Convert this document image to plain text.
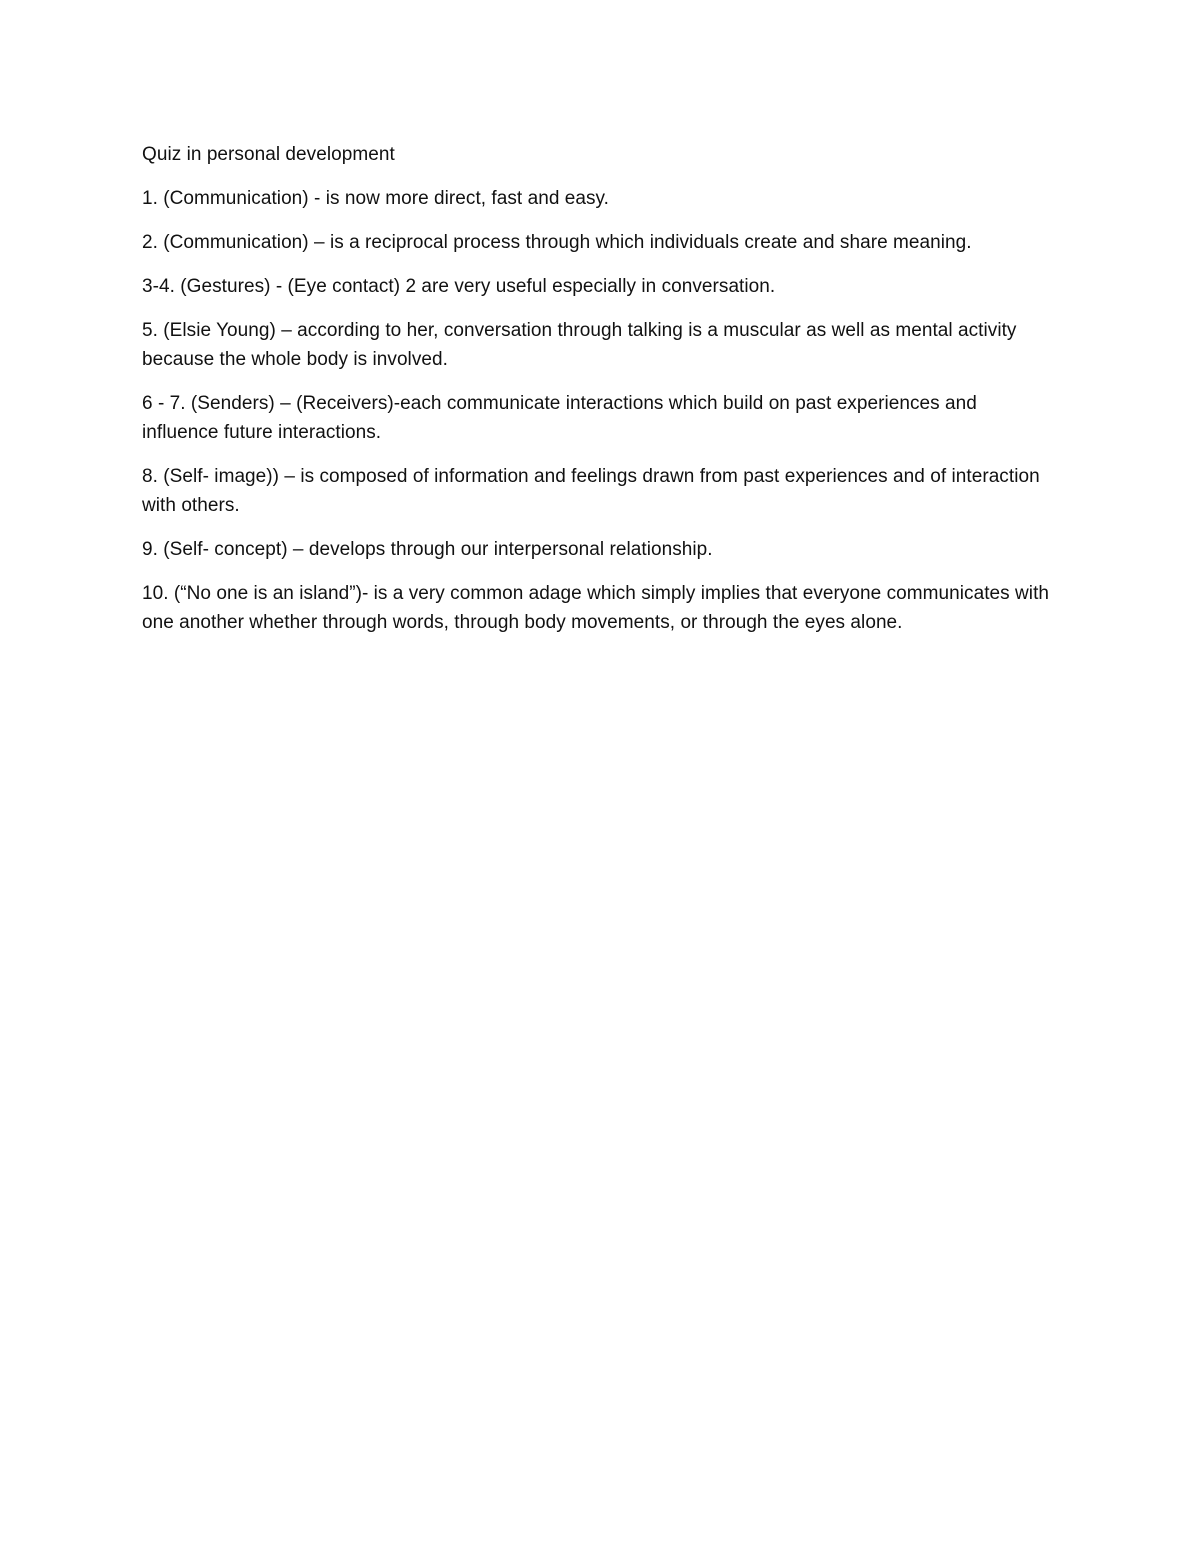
Quiz in personal development
1. (Communication) - is now more direct, fast and easy.
2. (Communication) – is a reciprocal process through which individuals create and share meaning.
3-4. (Gestures) - (Eye contact) 2 are very useful especially in conversation.
5. (Elsie Young) – according to her, conversation through talking is a muscular as well as mental activity because the whole body is involved.
6 - 7. (Senders) – (Receivers)-each communicate interactions which build on past experiences and influence future interactions.
8. (Self- image)) – is composed of information and feelings drawn from past experiences and of interaction with others.
9. (Self- concept) – develops through our interpersonal relationship.
10. (“No one is an island”)- is a very common adage which simply implies that everyone communicates with one another whether through words, through body movements, or through the eyes alone.
